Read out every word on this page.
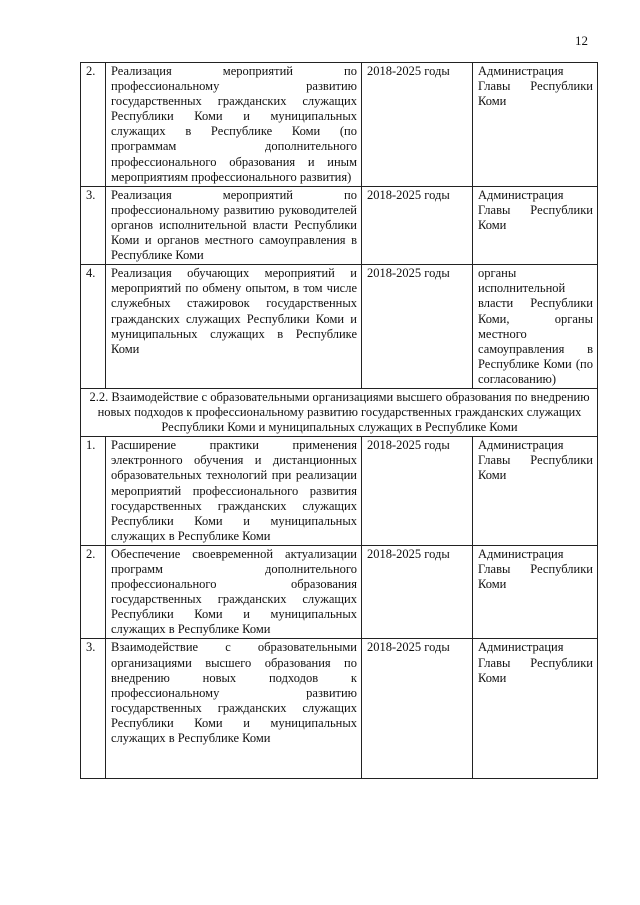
12
2.	Реализация мероприятий по профессиональному развитию государственных гражданских служащих Республики Коми и муниципальных служащих в Республике Коми (по программам дополнительного профессионального образования и иным мероприятиям профессионального развития)	2018-2025 годы	Администрация Главы Республики Коми
3.	Реализация мероприятий по профессиональному развитию руководителей органов исполнительной власти Республики Коми и органов местного самоуправления в Республике Коми	2018-2025 годы	Администрация Главы Республики Коми
4.	Реализация обучающих мероприятий и мероприятий по обмену опытом, в том числе служебных стажировок государственных гражданских служащих Республики Коми и муниципальных служащих в Республике Коми	2018-2025 годы	органы исполнительной власти Республики Коми, органы местного самоуправления в Республике Коми (по согласованию)
2.2. Взаимодействие с образовательными организациями высшего образования по внедрению новых подходов к профессиональному развитию государственных гражданских служащих Республики Коми и муниципальных служащих в Республике Коми			
1.	Расширение практики применения электронного обучения и дистанционных образовательных технологий при реализации мероприятий профессионального развития государственных гражданских служащих Республики Коми и муниципальных служащих в Республике Коми	2018-2025 годы	Администрация Главы Республики Коми
2.	Обеспечение своевременной актуализации программ дополнительного профессионального образования государственных гражданских служащих Республики Коми и муниципальных служащих в Республике Коми	2018-2025 годы	Администрация Главы Республики Коми
3.	Взаимодействие с образовательными организациями высшего образования по внедрению новых подходов к профессиональному развитию государственных гражданских служащих Республики Коми и муниципальных служащих в Республике Коми	2018-2025 годы	Администрация Главы Республики Коми
